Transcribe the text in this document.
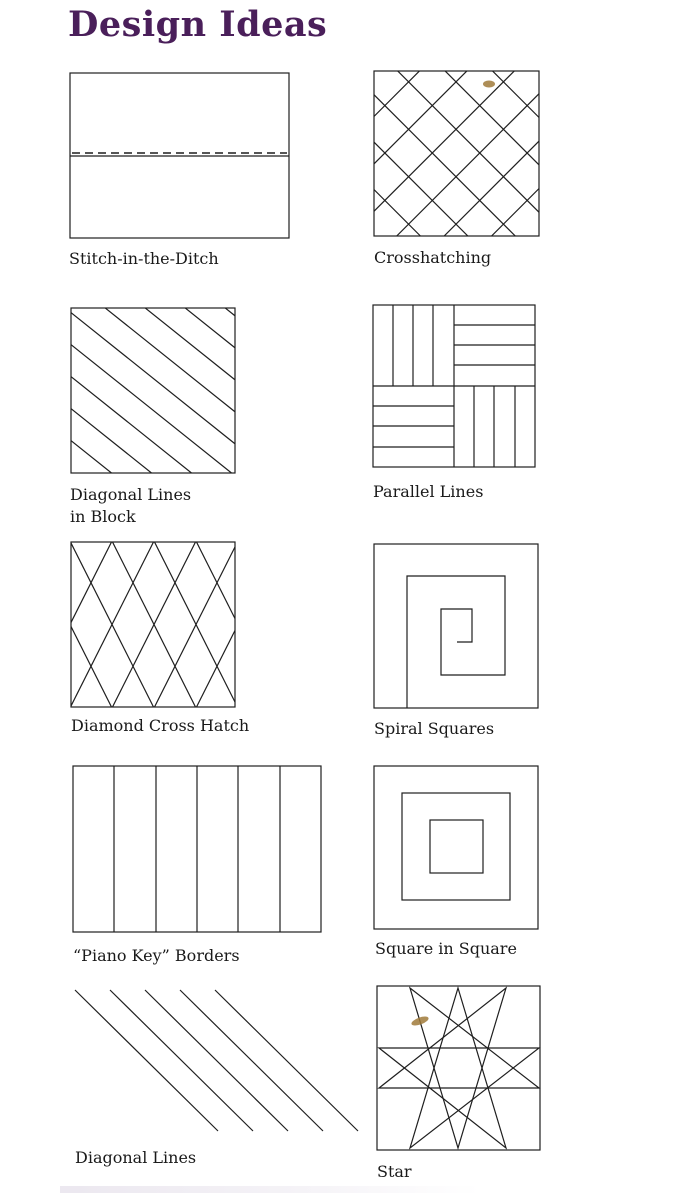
Design Ideas
Stitch-in-the-Ditch	Crosshatching
Diagonal Lines
in Block
Parallel Lines
Diamond Cross Hatch	Spiral Squares
“Piano Key” Borders	Square in Square
Diagonal Lines
Star
